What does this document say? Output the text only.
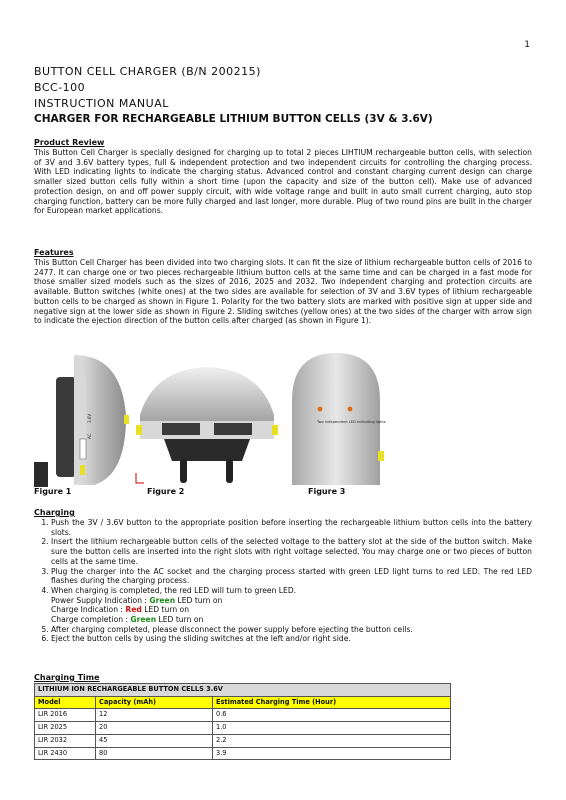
1
BUTTON CELL CHARGER (B/N 200215)
BCC-100
INSTRUCTION MANUAL
CHARGER FOR RECHARGEABLE LITHIUM BUTTON CELLS (3V & 3.6V)
Product Review
This Button Cell Charger is specially designed for charging up to total 2 pieces LIHTIUM rechargeable button cells, with selection of 3V and 3.6V battery types, full & independent protection and two independent circuits for controlling the charging process. With LED indicating lights to indicate the charging status. Advanced control and constant charging current design can charge smaller sized button cells fully within a short time (upon the capacity and size of the button cell). Make use of advanced protection design, on and off power supply circuit, with wide voltage range and built in auto small current charging, auto stop charging function, battery can be more fully charged and last longer, more durable. Plug of two round pins are built in the charger for European market applications.
Features
This Button Cell Charger has been divided into two charging slots. It can fit the size of lithium rechargeable button cells of 2016 to 2477. It can charge one or two pieces rechargeable lithium button cells at the same time and can be charged in a fast mode for those smaller sized models such as the sizes of 2016, 2025 and 2032. Two independent charging and protection circuits are available. Button switches (white ones) at the two sides are available for selection of 3V and 3.6V types of lithium rechargeable button cells to be charged as shown in Figure 1. Polarity for the two battery slots are marked with positive sign at upper side and negative sign at the lower side as shown in Figure 2. Sliding switches (yellow ones) at the two sides of the charger with arrow sign to indicate the ejection direction of the button cells after charged (as shown in Figure 1).
AC
3.6V
Figure 1	Figure 2
Two independent LED indicating lights
Figure 3
Charging
1. Push the 3V / 3.6V button to the appropriate position before inserting the rechargeable lithium button cells into the battery slots.
2. Insert the lithium rechargeable button cells of the selected voltage to the battery slot at the side of the button switch. Make sure the button cells are inserted into the right slots with right voltage selected. You may charge one or two pieces of button cells at the same time.
3. Plug the charger into the AC socket and the charging process started with green LED light turns to red LED. The red LED flashes during the charging process.
4. When charging is completed, the red LED will turn to green LED.
Power Supply Indication : Green LED turn on
Charge Indication : Red LED turn on
Charge completion : Green LED turn on
5. After charging completed, please disconnect the power supply before ejecting the button cells.
6. Eject the button cells by using the sliding switches at the left and/or right side.
Charging Time
LITHIUM ION RECHARGEABLE BUTTON CELLS 3.6V		
Model	Capacity (mAh)	Estimated Charging Time (Hour)
LIR 2016	12	0.6
LIR 2025	20	1.0
LIR 2032	45	2.2
LIR 2430	80	3.9
